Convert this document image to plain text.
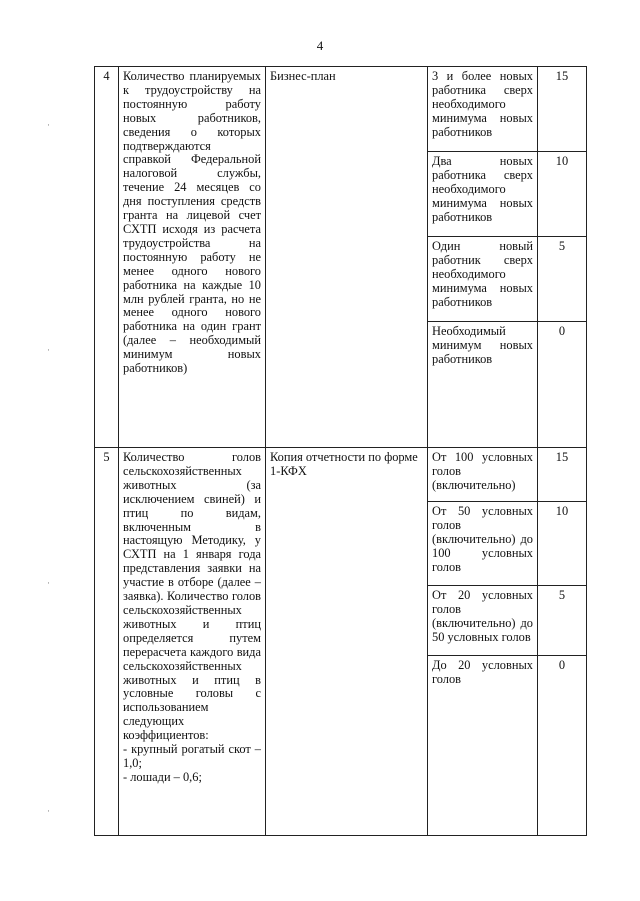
4
·
·
·
·
4	Количество планируемых к трудоустройству на постоянную работу новых работников, сведения о которых подтверждаются справкой Федеральной налоговой службы, течение 24 месяцев со дня поступления средств гранта на лицевой счет СХТП исходя из расчета трудоустройства на постоянную работу не менее одного нового работника на каждые 10 млн рублей гранта, но не менее одного нового работника на один грант (далее – необходимый минимум новых работников)	Бизнес-план	3 и более новых работника сверх необходимого минимума новых работников	15
			Два новых работника сверх необходимого минимума новых работников	10
			Один новый работник сверх необходимого минимума новых работников	5
			Необходимый минимум новых работников	0
5	Количество голов сельскохозяйственных животных (за исключением свиней) и птиц по видам, включенным в настоящую Методику, у СХТП на 1 января года представления заявки на участие в отборе (далее – заявка). Количество голов сельскохозяйственных животных и птиц определяется путем перерасчета каждого вида сельскохозяйственных животных и птиц в условные головы с использованием следующих коэффициентов:
- крупный рогатый скот – 1,0;
- лошади – 0,6;	Копия отчетности по форме 1-КФХ	От 100 условных голов (включительно)	15
			От 50 условных голов (включительно) до 100 условных голов	10
			От 20 условных голов (включительно) до 50 условных голов	5
			До 20 условных голов	0
